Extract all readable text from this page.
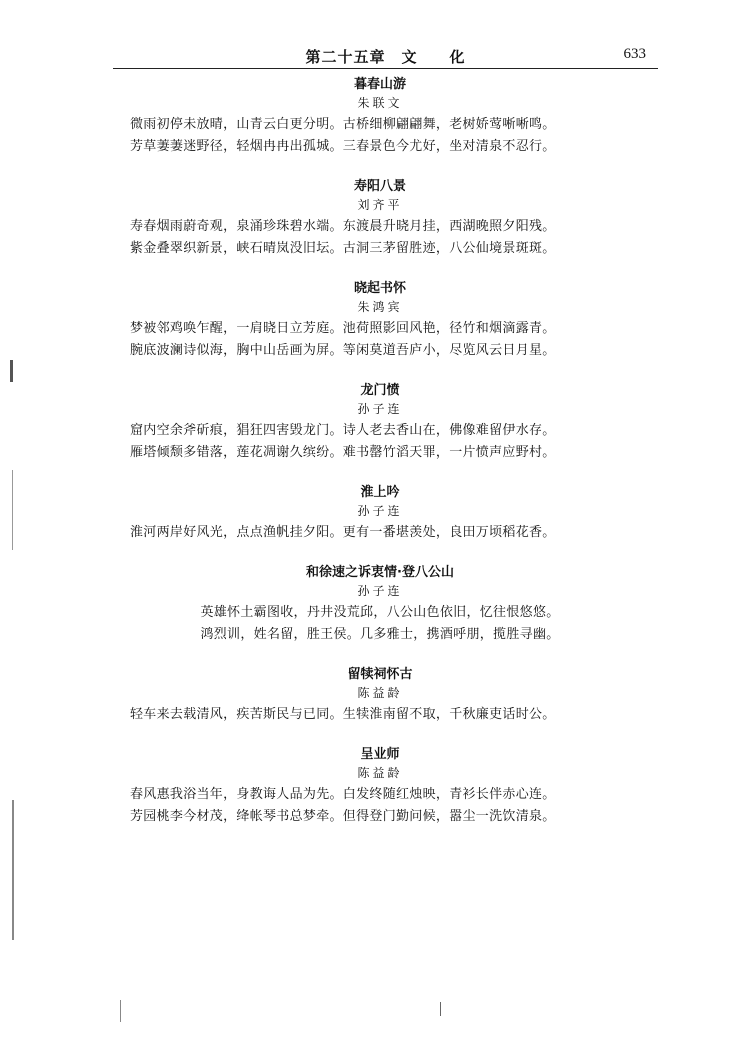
第二十五章　文　　化	633
暮春山游
朱联文
微雨初停未放晴，山青云白更分明。古桥细柳翩翩舞，老树娇莺唽唽鸣。
芳草萋萋迷野径，轻烟冉冉出孤城。三春景色今尤好，坐对清泉不忍行。
寿阳八景
刘齐平
寿春烟雨蔚奇观，泉涌珍珠碧水端。东渡晨升晓月挂，西湖晚照夕阳残。
紫金叠翠织新景，峡石晴岚没旧坛。古洞三茅留胜迹，八公仙境景斑斑。
晓起书怀
朱鸿宾
梦被邻鸡唤乍醒，一肩晓日立芳庭。池荷照影回风艳，径竹和烟滴露青。
腕底波澜诗似海，胸中山岳画为屏。等闲莫道吾庐小，尽览风云日月星。
龙门愤
孙子连
窟内空余斧斫痕，猖狂四害毁龙门。诗人老去香山在，佛像难留伊水存。
雁塔倾颓多错落，莲花凋谢久缤纷。难书罄竹滔天罪，一片愤声应野村。
淮上吟
孙子连
淮河两岸好风光，点点渔帆挂夕阳。更有一番堪羡处，良田万顷稻花香。
和徐速之诉衷情·登八公山
孙子连
英雄怀土霸图收，丹井没荒邱，八公山色依旧，忆往恨悠悠。
鸿烈训，姓名留，胜王侯。几多雅士，携酒呼朋，揽胜寻幽。
留犊祠怀古
陈益龄
轻车来去载清风，疾苦斯民与已同。生犊淮南留不取，千秋廉吏话时公。
呈业师
陈益龄
春风惠我浴当年，身教诲人品为先。白发终随红烛映，青衫长伴赤心连。
芳园桃李今材茂，绛帐琴书总梦牵。但得登门勤问候，嚣尘一洗饮清泉。
